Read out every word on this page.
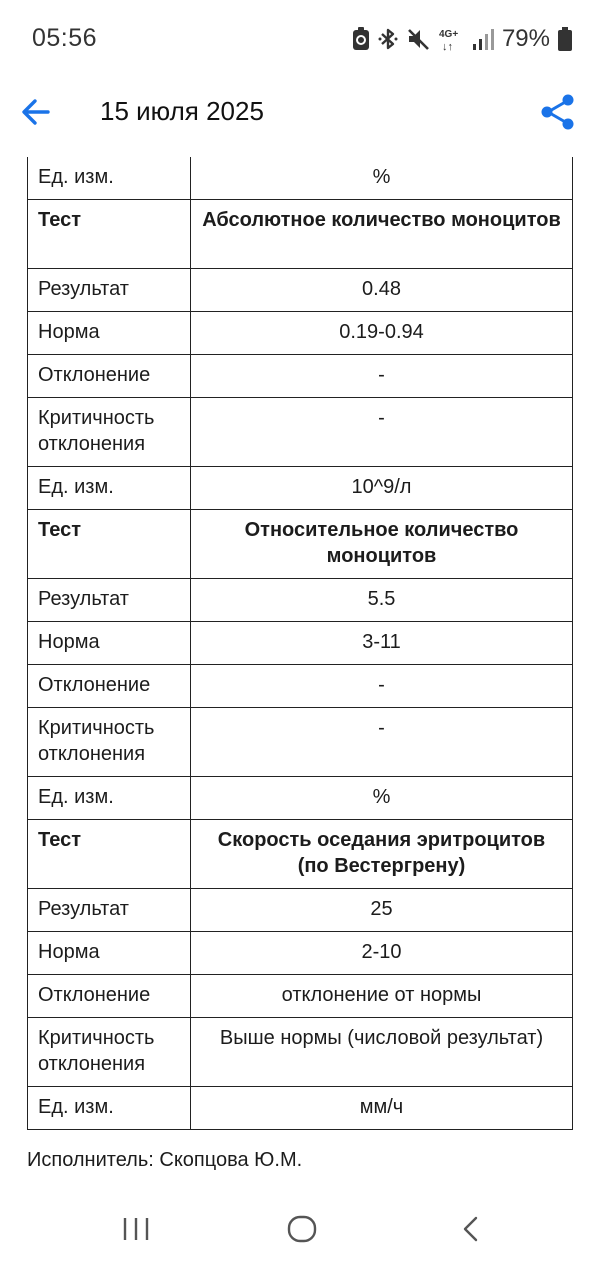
05:56	4G+
↓↑ 79%
15 июля 2025
Ед. изм.	%
Тест	Абсолютное количество моноцитов
Результат	0.48
Норма	0.19-0.94
Отклонение	-
Критичность отклонения	-
Ед. изм.	10^9/л
Тест	Относительное количество моноцитов
Результат	5.5
Норма	3-11
Отклонение	-
Критичность отклонения	-
Ед. изм.	%
Тест	Скорость оседания эритроцитов (по Вестергрену)
Результат	25
Норма	2-10
Отклонение	отклонение от нормы
Критичность отклонения	Выше нормы (числовой результат)
Ед. изм.	мм/ч
Исполнитель: Скопцова Ю.М.
